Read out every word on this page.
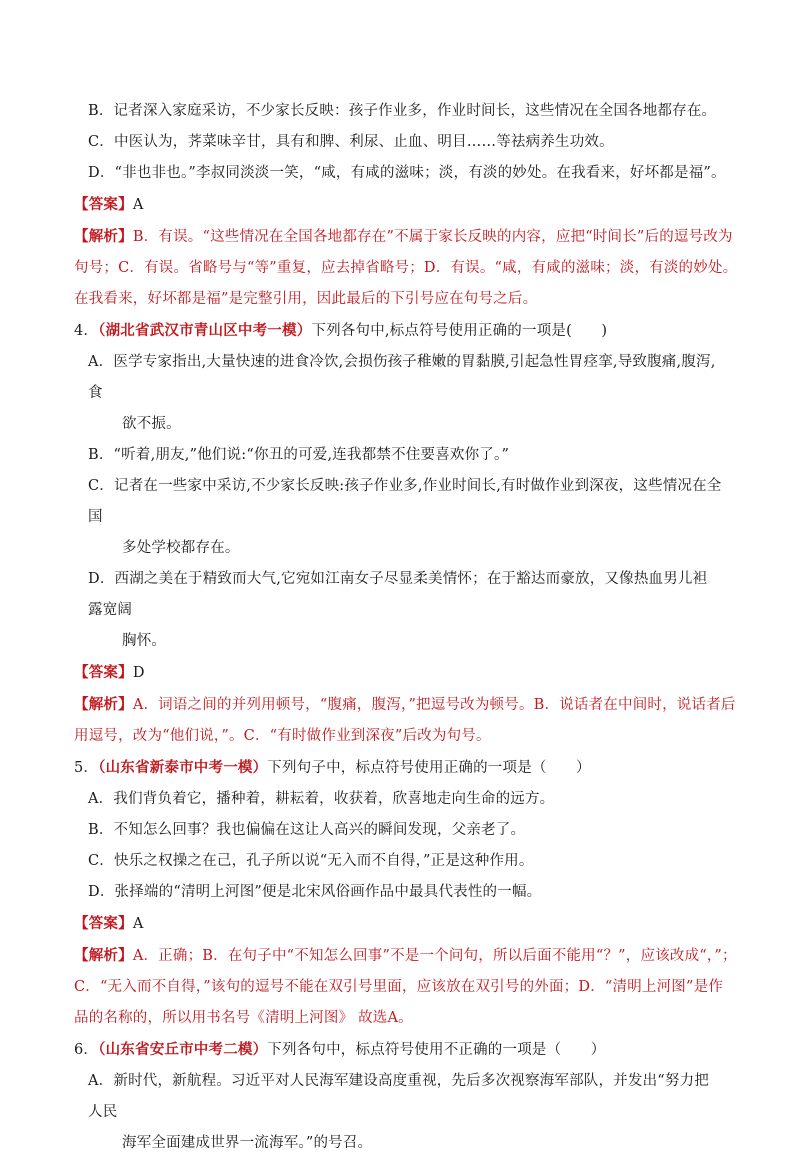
B．记者深入家庭采访，不少家长反映：孩子作业多，作业时间长，这些情况在全国各地都存在。
C．中医认为，荠菜味辛甘，具有和脾、利尿、止血、明目……等祛病养生功效。
D．“非也非也。”李叔同淡淡一笑，“咸，有咸的滋味；淡，有淡的妙处。在我看来，好坏都是福”。
【答案】A
【解析】B．有误。“这些情况在全国各地都存在”不属于家长反映的内容，应把“时间长”后的逗号改为
句号；C．有误。省略号与“等”重复，应去掉省略号；D．有误。“咸，有咸的滋味；淡，有淡的妙处。
在我看来，好坏都是福”是完整引用，因此最后的下引号应在句号之后。
4．（湖北省武汉市青山区中考一模）下列各句中,标点符号使用正确的一项是(　　)
A．医学专家指出,大量快速的进食冷饮,会损伤孩子稚嫩的胃黏膜,引起急性胃痉挛,导致腹痛,腹泻,食
欲不振。
B．“听着,朋友,”他们说:“你丑的可爱,连我都禁不住要喜欢你了。”
C．记者在一些家中采访,不少家长反映:孩子作业多,作业时间长,有时做作业到深夜，这些情况在全国
多处学校都存在。
D．西湖之美在于精致而大气,它宛如江南女子尽显柔美情怀；在于豁达而豪放，又像热血男儿袒露宽阔
胸怀。
【答案】D
【解析】A．词语之间的并列用顿号，“腹痛，腹泻，”把逗号改为顿号。B．说话者在中间时，说话者后
用逗号，改为“他们说，”。C．“有时做作业到深夜”后改为句号。
5．（山东省新泰市中考一模）下列句子中，标点符号使用正确的一项是（　　）
A．我们背负着它，播种着，耕耘着，收获着，欣喜地走向生命的远方。
B．不知怎么回事？我也偏偏在这让人高兴的瞬间发现，父亲老了。
C．快乐之权操之在己，孔子所以说“无入而不自得，”正是这种作用。
D．张择端的“清明上河图”便是北宋风俗画作品中最具代表性的一幅。
【答案】A
【解析】A．正确；B．在句子中“不知怎么回事”不是一个问句，所以后面不能用“？”，应该改成“，”；
C．“无入而不自得，”该句的逗号不能在双引号里面，应该放在双引号的外面；D．“清明上河图”是作
品的名称的，所以用书名号《清明上河图》 故选A。
6．（山东省安丘市中考二模）下列各句中，标点符号使用不正确的一项是（　　）
A．新时代，新航程。习近平对人民海军建设高度重视，先后多次视察海军部队，并发出“努力把人民
海军全面建成世界一流海军。”的号召。
